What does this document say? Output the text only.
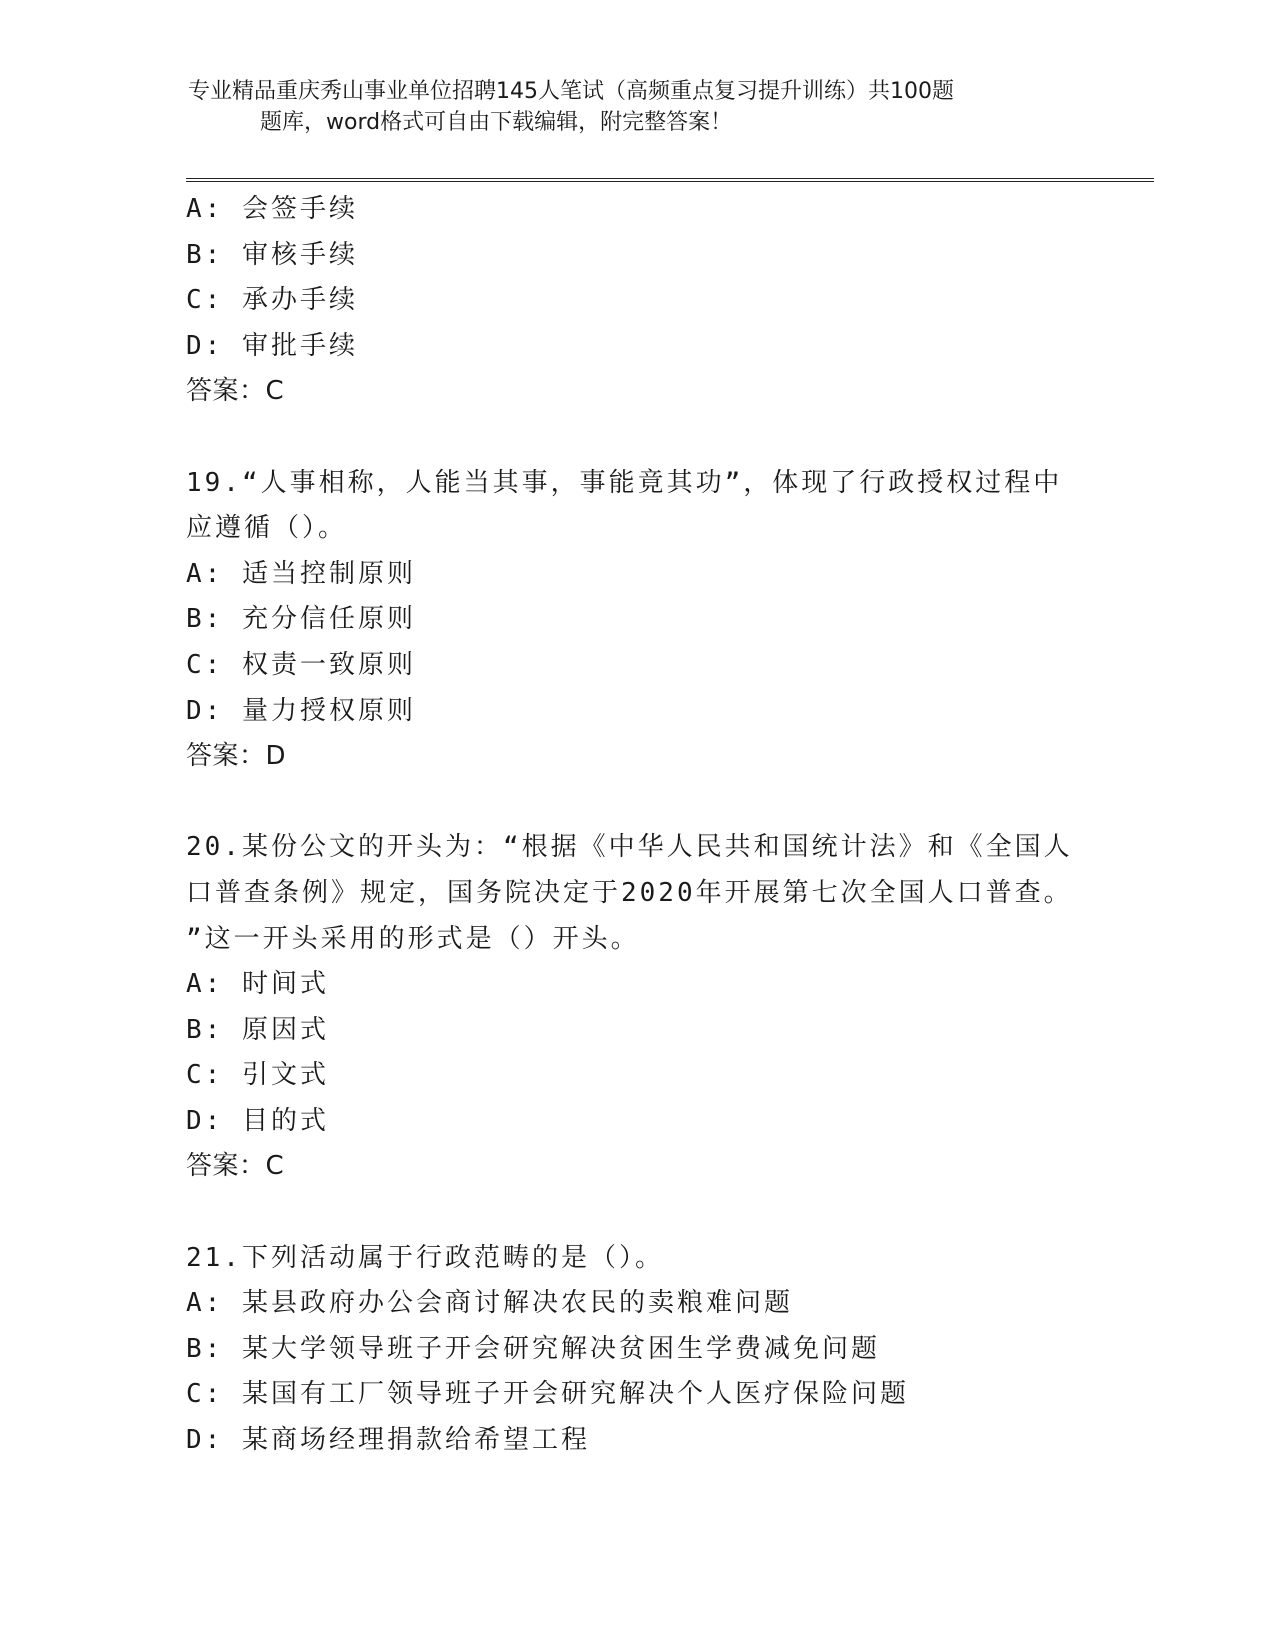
专业精品重庆秀山事业单位招聘145人笔试（高频重点复习提升训练）共100题
题库，word格式可自由下载编辑，附完整答案！
A: 会签手续
B: 审核手续
C: 承办手续
D: 审批手续
答案：C
19.“人事相称，人能当其事，事能竟其功”，体现了行政授权过程中
应遵循（）。
A: 适当控制原则
B: 充分信任原则
C: 权责一致原则
D: 量力授权原则
答案：D
20.某份公文的开头为：“根据《中华人民共和国统计法》和《全国人
口普查条例》规定，国务院决定于2020年开展第七次全国人口普查。
”这一开头采用的形式是（）开头。
A: 时间式
B: 原因式
C: 引文式
D: 目的式
答案：C
21.下列活动属于行政范畴的是（）。
A: 某县政府办公会商讨解决农民的卖粮难问题
B: 某大学领导班子开会研究解决贫困生学费减免问题
C: 某国有工厂领导班子开会研究解决个人医疗保险问题
D: 某商场经理捐款给希望工程
